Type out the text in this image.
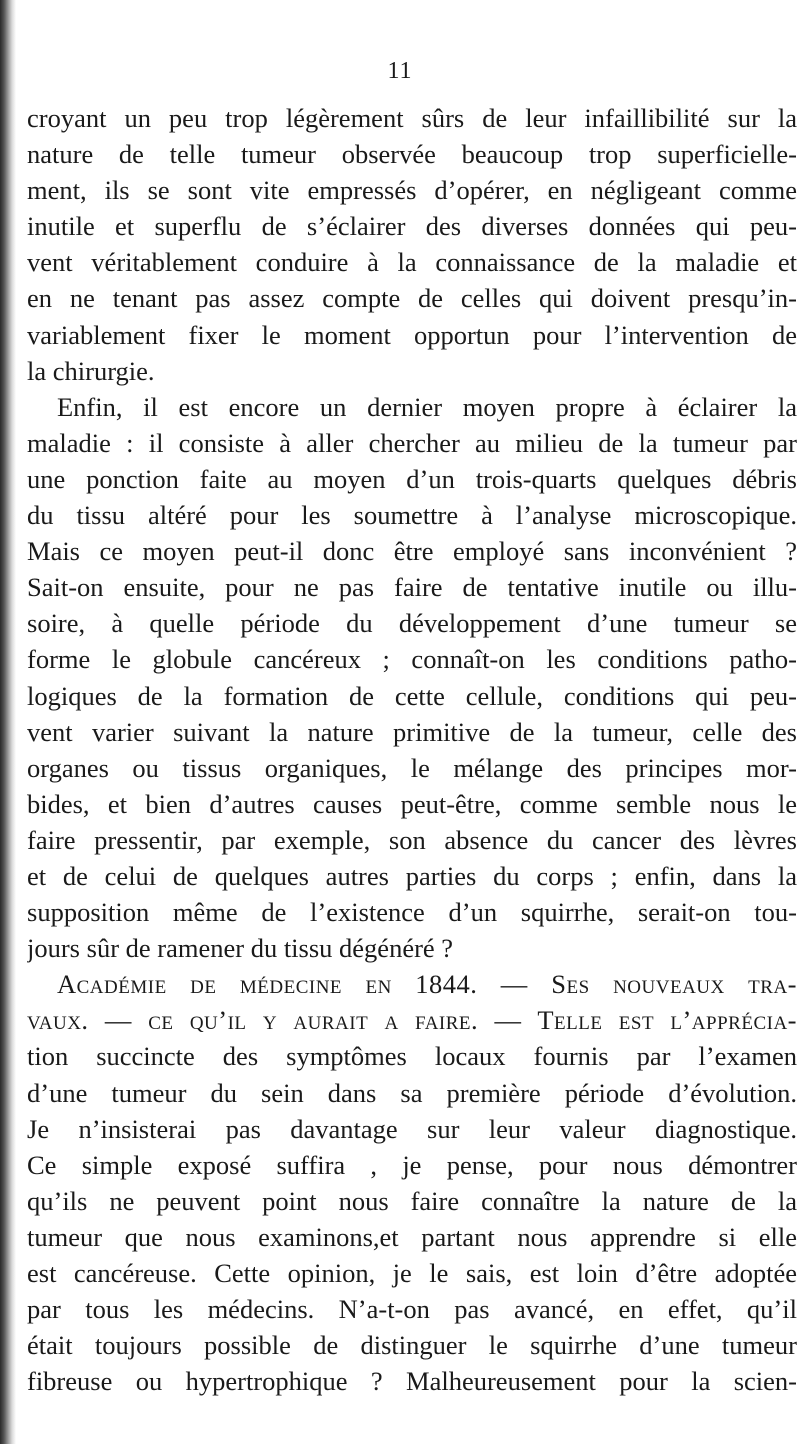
11
croyant un peu trop légèrement sûrs de leur infaillibilité sur la
nature de telle tumeur observée beaucoup trop superficielle-
ment, ils se sont vite empressés d’opérer, en négligeant comme
inutile et superflu de s’éclairer des diverses données qui peu-
vent véritablement conduire à la connaissance de la maladie et
en ne tenant pas assez compte de celles qui doivent presqu’in-
variablement fixer le moment opportun pour l’intervention de
la chirurgie.
Enfin, il est encore un dernier moyen propre à éclairer la
maladie : il consiste à aller chercher au milieu de la tumeur par
une ponction faite au moyen d’un trois-quarts quelques débris
du tissu altéré pour les soumettre à l’analyse microscopique.
Mais ce moyen peut-il donc être employé sans inconvénient ?
Sait-on ensuite, pour ne pas faire de tentative inutile ou illu-
soire, à quelle période du développement d’une tumeur se
forme le globule cancéreux ; connaît-on les conditions patho-
logiques de la formation de cette cellule, conditions qui peu-
vent varier suivant la nature primitive de la tumeur, celle des
organes ou tissus organiques, le mélange des principes mor-
bides, et bien d’autres causes peut-être, comme semble nous le
faire pressentir, par exemple, son absence du cancer des lèvres
et de celui de quelques autres parties du corps ; enfin, dans la
supposition même de l’existence d’un squirrhe, serait-on tou-
jours sûr de ramener du tissu dégénéré ?
Académie de médecine en 1844. — Ses nouveaux tra-
vaux. — ce qu’il y aurait a faire. — Telle est l’apprécia-
tion succincte des symptômes locaux fournis par l’examen
d’une tumeur du sein dans sa première période d’évolution.
Je n’insisterai pas davantage sur leur valeur diagnostique.
Ce simple exposé suffira , je pense, pour nous démontrer
qu’ils ne peuvent point nous faire connaître la nature de la
tumeur que nous examinons,et partant nous apprendre si elle
est cancéreuse. Cette opinion, je le sais, est loin d’être adoptée
par tous les médecins. N’a-t-on pas avancé, en effet, qu’il
était toujours possible de distinguer le squirrhe d’une tumeur
fibreuse ou hypertrophique ? Malheureusement pour la scien-
